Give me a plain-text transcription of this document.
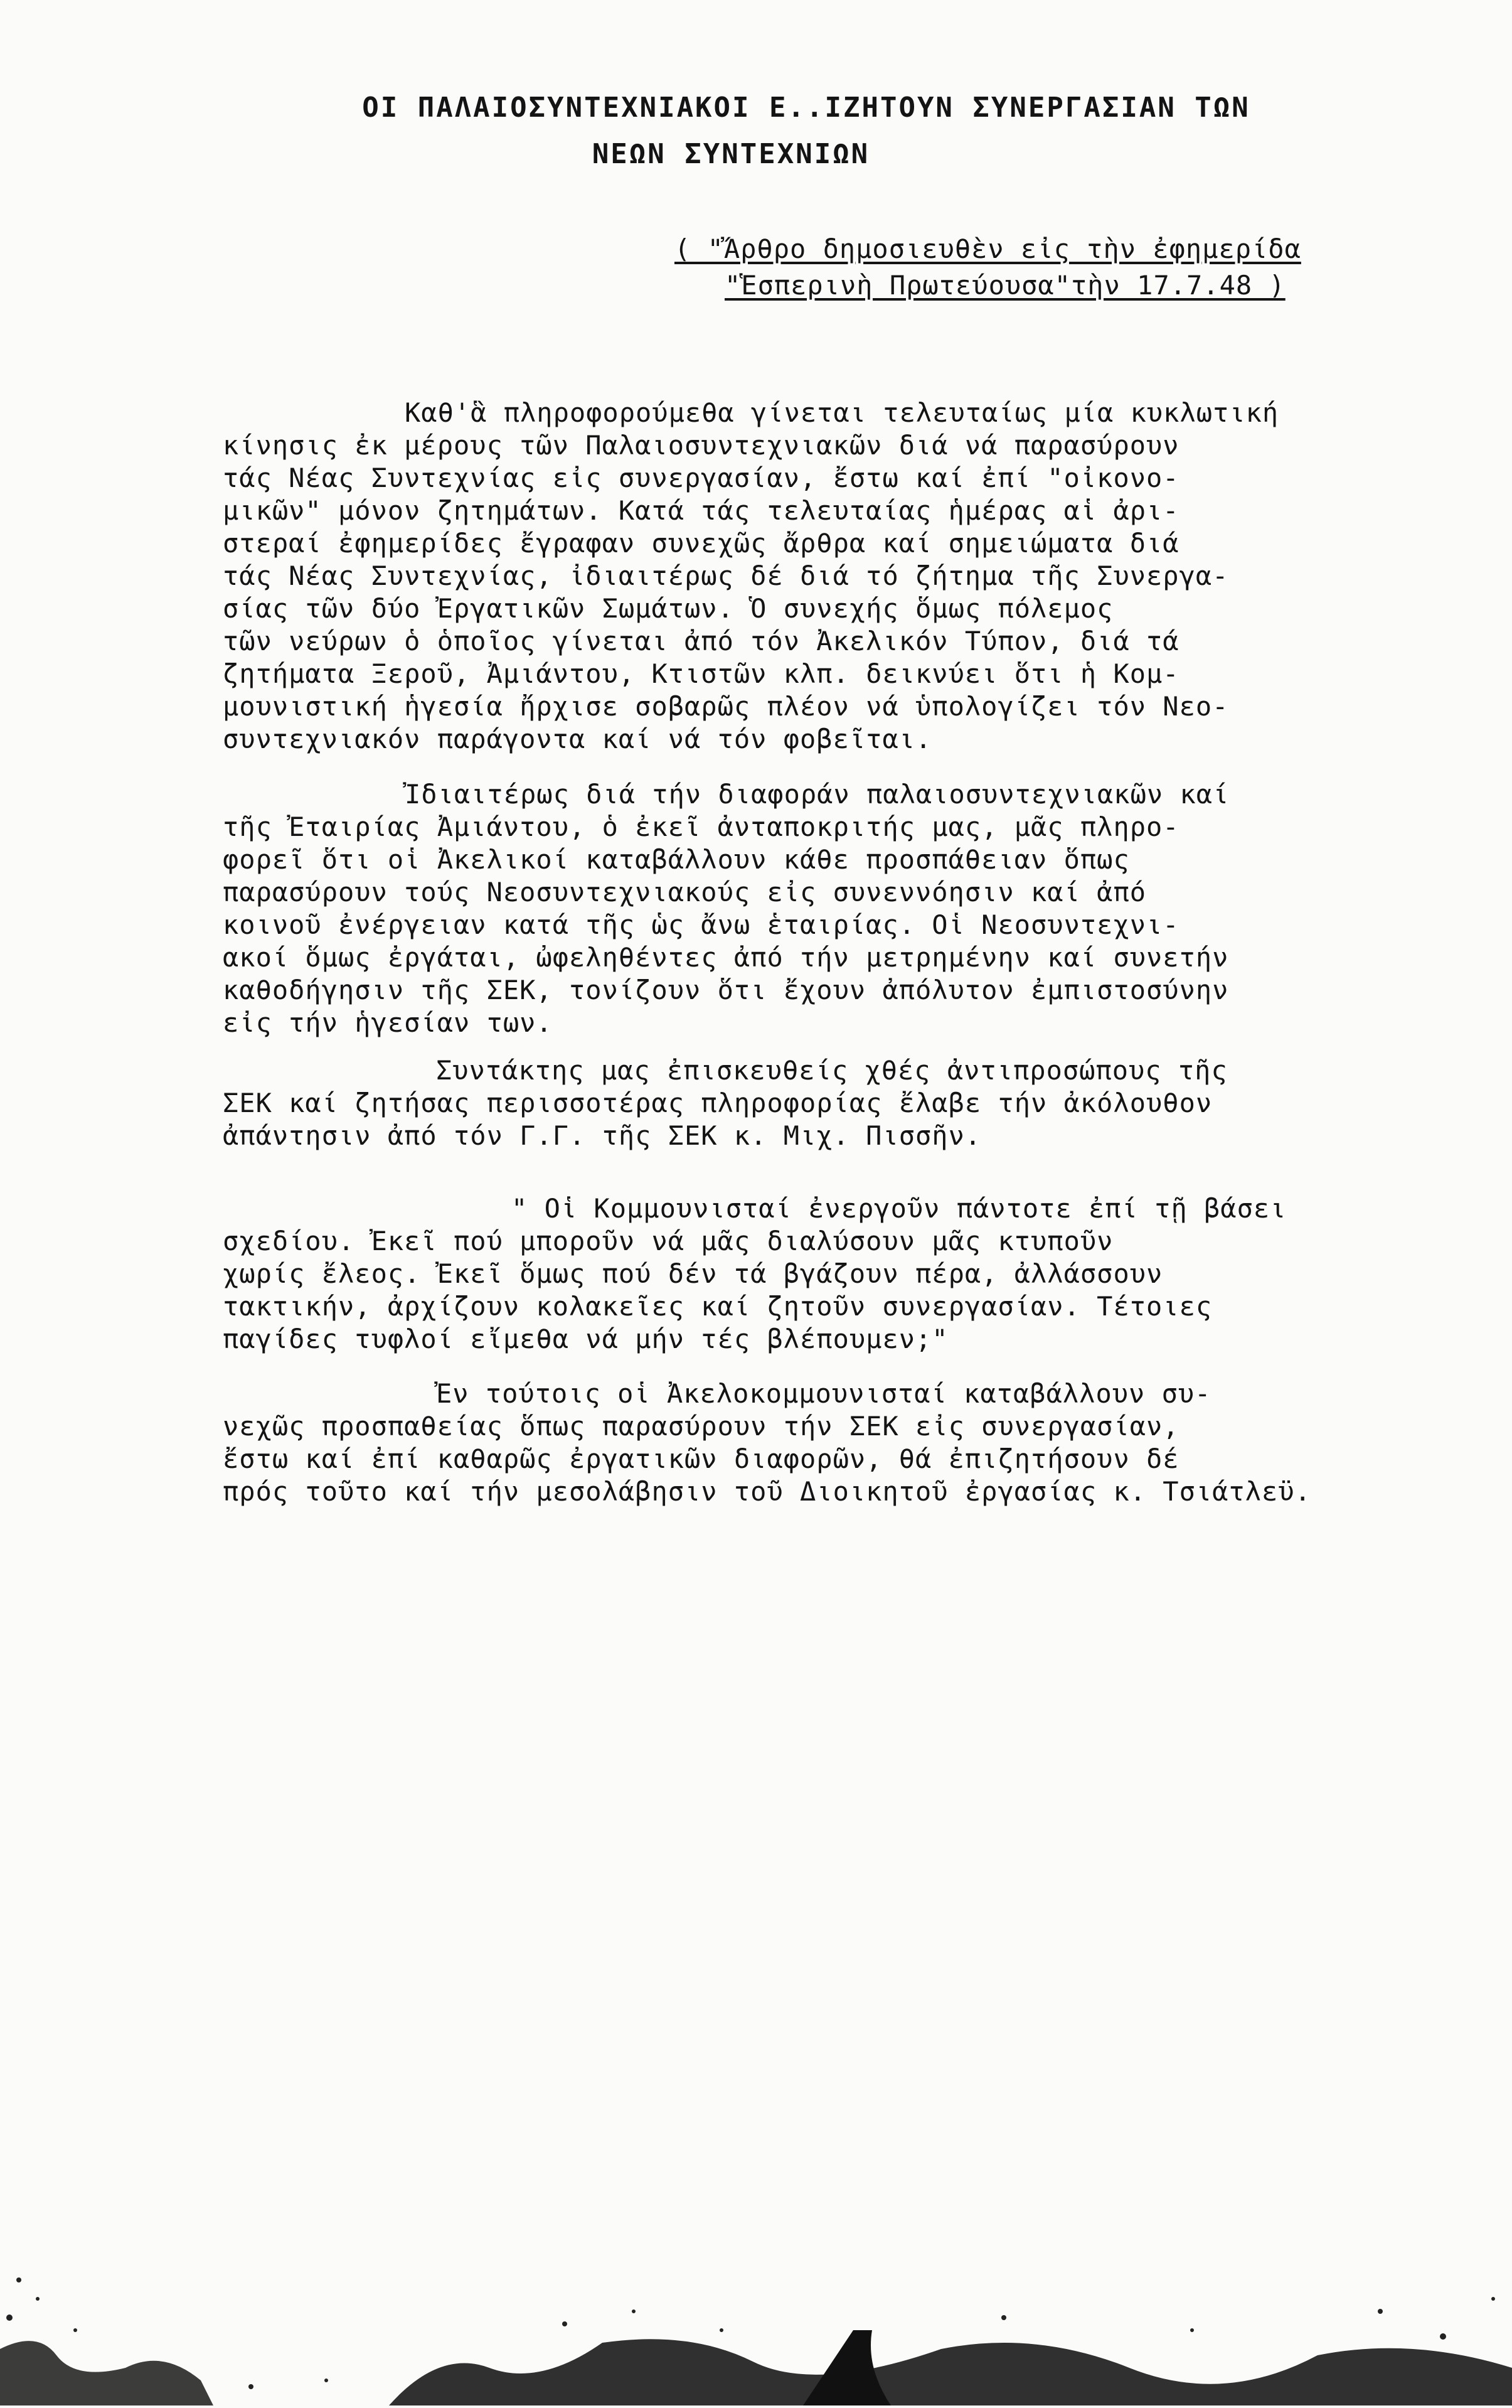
ΟΙ ΠΑΛΑΙΟΣΥΝΤΕΧΝΙΑΚΟΙ Ε..ΙΖΗΤΟΥΝ ΣΥΝΕΡΓΑΣΙΑΝ ΤΩΝ
ΝΕΩΝ ΣΥΝΤΕΧΝΙΩΝ
( "Ἄρθρο δημοσιευθὲν εἰς τὴν ἐφημερίδα
"Ἑσπερινὴ Πρωτεύουσα"τὴν 17.7.48 )
Καθ'ἃ πληροφορούμεθα γίνεται τελευταίως μία κυκλωτική
κίνησις ἐκ μέρους τῶν Παλαιοσυντεχνιακῶν διά νά παρασύρουν
τάς Νέας Συντεχνίας εἰς συνεργασίαν, ἔστω καί ἐπί "οἰκονο-
μικῶν" μόνον ζητημάτων. Κατά τάς τελευταίας ἡμέρας αἱ ἀρι-
στεραί ἐφημερίδες ἔγραφαν συνεχῶς ἄρθρα καί σημειώματα διά
τάς Νέας Συντεχνίας, ἰδιαιτέρως δέ διά τό ζήτημα τῆς Συνεργα-
σίας τῶν δύο Ἐργατικῶν Σωμάτων. Ὁ συνεχής ὅμως πόλεμος
τῶν νεύρων ὁ ὁποῖος γίνεται ἀπό τόν Ἀκελικόν Τύπον, διά τά
ζητήματα Ξεροῦ, Ἀμιάντου, Κτιστῶν κλπ. δεικνύει ὅτι ἡ Κομ-
μουνιστική ἡγεσία ἤρχισε σοβαρῶς πλέον νά ὑπολογίζει τόν Νεο-
συντεχνιακόν παράγοντα καί νά τόν φοβεῖται.
Ἰδιαιτέρως διά τήν διαφοράν παλαιοσυντεχνιακῶν καί
τῆς Ἐταιρίας Ἀμιάντου, ὁ ἐκεῖ ἀνταποκριτής μας, μᾶς πληρο-
φορεῖ ὅτι οἱ Ἀκελικοί καταβάλλουν κάθε προσπάθειαν ὅπως
παρασύρουν τούς Νεοσυντεχνιακούς εἰς συνεννόησιν καί ἀπό
κοινοῦ ἐνέργειαν κατά τῆς ὡς ἄνω ἑταιρίας. Οἱ Νεοσυντεχνι-
ακοί ὅμως ἐργάται, ὠφεληθέντες ἀπό τήν μετρημένην καί συνετήν
καθοδήγησιν τῆς ΣΕΚ, τονίζουν ὅτι ἔχουν ἀπόλυτον ἐμπιστοσύνην
εἰς τήν ἡγεσίαν των.
Συντάκτης μας ἐπισκευθείς χθές ἀντιπροσώπους τῆς
ΣΕΚ καί ζητήσας περισσοτέρας πληροφορίας ἔλαβε τήν ἀκόλουθον
ἀπάντησιν ἀπό τόν Γ.Γ. τῆς ΣΕΚ κ. Μιχ. Πισσῆν.
" Οἱ Κομμουνισταί ἐνεργοῦν πάντοτε ἐπί τῇ βάσει
σχεδίου. Ἐκεῖ πού μποροῦν νά μᾶς διαλύσουν μᾶς κτυποῦν
χωρίς ἔλεος. Ἐκεῖ ὅμως πού δέν τά βγάζουν πέρα, ἀλλάσσουν
τακτικήν, ἀρχίζουν κολακεῖες καί ζητοῦν συνεργασίαν. Τέτοιες
παγίδες τυφλοί εἴμεθα νά μήν τές βλέπουμεν;"
Ἐν τούτοις οἱ Ἀκελοκομμουνισταί καταβάλλουν συ-
νεχῶς προσπαθείας ὅπως παρασύρουν τήν ΣΕΚ εἰς συνεργασίαν,
ἔστω καί ἐπί καθαρῶς ἐργατικῶν διαφορῶν, θά ἐπιζητήσουν δέ
πρός τοῦτο καί τήν μεσολάβησιν τοῦ Διοικητοῦ ἐργασίας κ. Τσιάτλεϋ.
